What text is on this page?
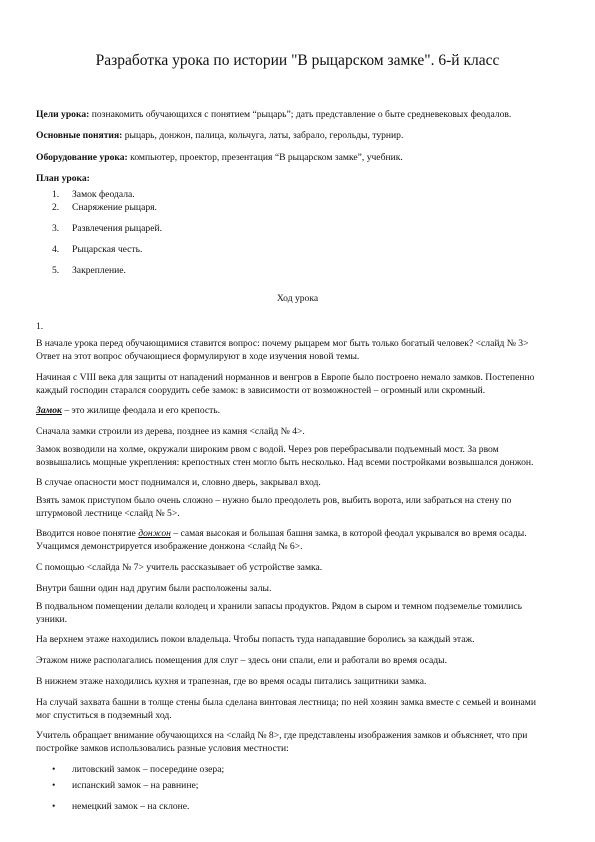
Разработка урока по истории "В рыцарском замке". 6-й класс

Цели урока: познакомить обучающихся с понятием “рыцарь”; дать представление о быте средневековых феодалов.

Основные понятия: рыцарь, донжон, палица, кольчуга, латы, забрало, герольды, турнир.

Оборудование урока: компьютер, проектор, презентация “В рыцарском замке”, учебник.

План урока:

1. Замок феодала.
2. Снаряжение рыцаря.
3. Развлечения рыцарей.
4. Рыцарская честь.
5. Закрепление.
Ход урока

1.

В начале урока перед обучающимися ставится вопрос: почему рыцарем мог быть только богатый человек? <слайд № 3>
Ответ на этот вопрос обучающиеся формулируют в ходе изучения новой темы.

Начиная с VIII века для защиты от нападений норманнов и венгров в Европе было построено немало замков. Постепенно
каждый господин старался соорудить себе замок: в зависимости от возможностей – огромный или скромный.

Замок – это жилище феодала и его крепость.

Сначала замки строили из дерева, позднее из камня <слайд № 4>.

Замок возводили на холме, окружали широким рвом с водой. Через ров перебрасывали подъемный мост. За рвом
возвышались мощные укрепления: крепостных стен могло быть несколько. Над всеми постройками возвышался донжон.

В случае опасности мост поднимался и, словно дверь, закрывал вход.

Взять замок приступом было очень сложно – нужно было преодолеть ров, выбить ворота, или забраться на стену по
штурмовой лестнице <слайд № 5>.

Вводится новое понятие донжон – самая высокая и большая башня замка, в которой феодал укрывался во время осады.
Учащимся демонстрируется изображение донжона <слайд № 6>.

С помощью <слайда № 7> учитель рассказывает об устройстве замка.

Внутри башни один над другим были расположены залы.

В подвальном помещении делали колодец и хранили запасы продуктов. Рядом в сыром и темном подземелье томились
узники.

На верхнем этаже находились покои владельца. Чтобы попасть туда нападавшие боролись за каждый этаж.

Этажом ниже располагались помещения для слуг – здесь они спали, ели и работали во время осады.

В нижнем этаже находились кухня и трапезная, где во время осады питались защитники замка.

На случай захвата башни в толще стены была сделана винтовая лестница; по ней хозяин замка вместе с семьей и воинами
мог спуститься в подземный ход.

Учитель обращает внимание обучающихся на <слайд № 8>, где представлены изображения замков и объясняет, что при
постройке замков использовались разные условия местности:

• литовский замок – посередине озера;
• испанский замок – на равнине;
• немецкий замок – на склоне.
